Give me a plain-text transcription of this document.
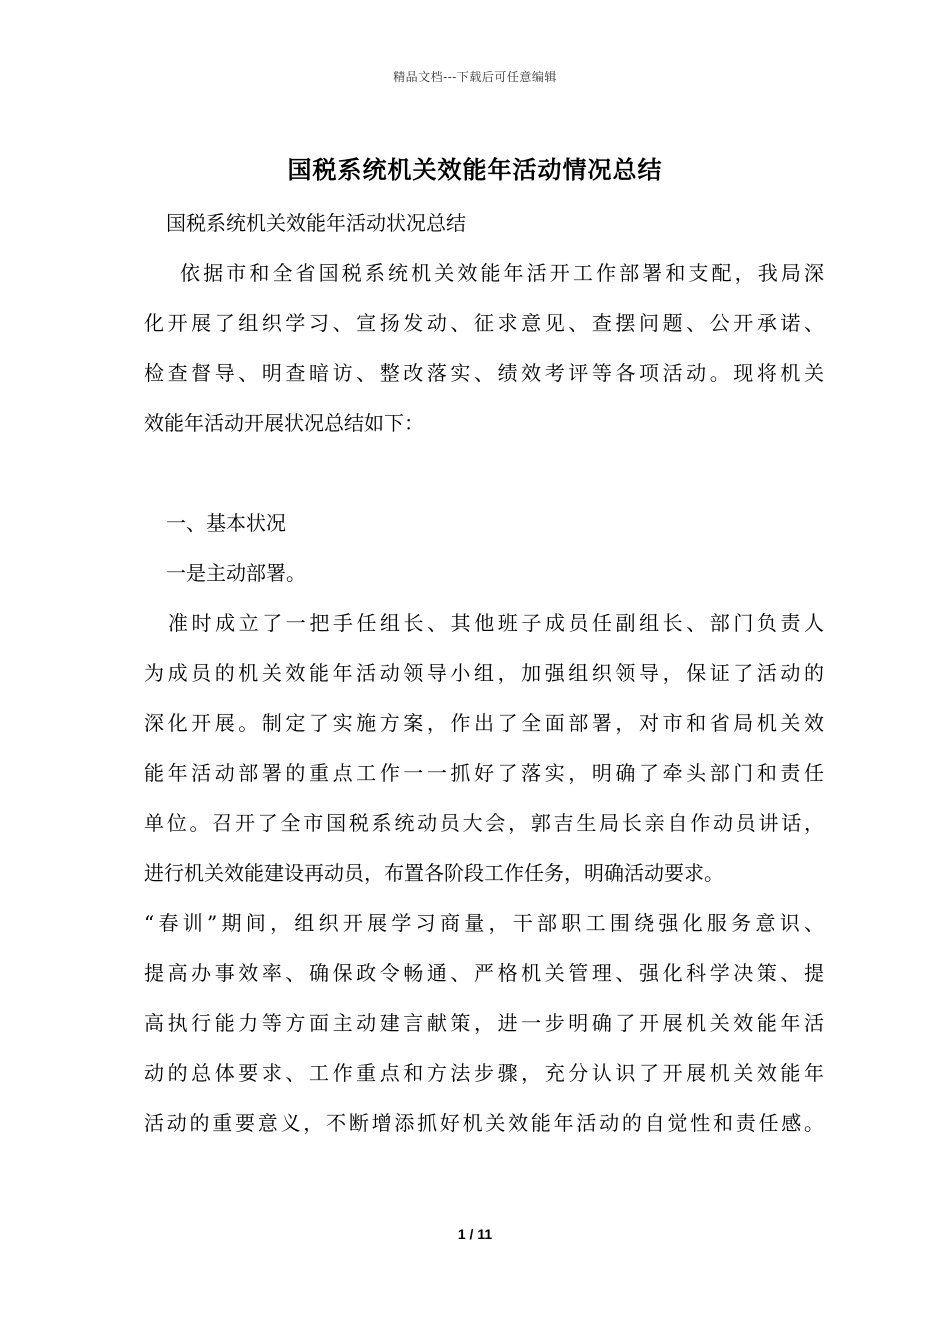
精品文档---下载后可任意编辑
国税系统机关效能年活动情况总结
国税系统机关效能年活动状况总结
依据市和全省国税系统机关效能年活开工作部署和支配，我局深
化开展了组织学习、宣扬发动、征求意见、查摆问题、公开承诺、
检查督导、明查暗访、整改落实、绩效考评等各项活动。现将机关
效能年活动开展状况总结如下：
一、基本状况
一是主动部署。
准时成立了一把手任组长、其他班子成员任副组长、部门负责人
为成员的机关效能年活动领导小组，加强组织领导，保证了活动的
深化开展。制定了实施方案，作出了全面部署，对市和省局机关效
能年活动部署的重点工作一一抓好了落实，明确了牵头部门和责任
单位。召开了全市国税系统动员大会，郭吉生局长亲自作动员讲话，
进行机关效能建设再动员，布置各阶段工作任务，明确活动要求。
“春训”期间，组织开展学习商量，干部职工围绕强化服务意识、
提高办事效率、确保政令畅通、严格机关管理、强化科学决策、提
高执行能力等方面主动建言献策，进一步明确了开展机关效能年活
动的总体要求、工作重点和方法步骤，充分认识了开展机关效能年
活动的重要意义，不断增添抓好机关效能年活动的自觉性和责任感。
1 / 11
